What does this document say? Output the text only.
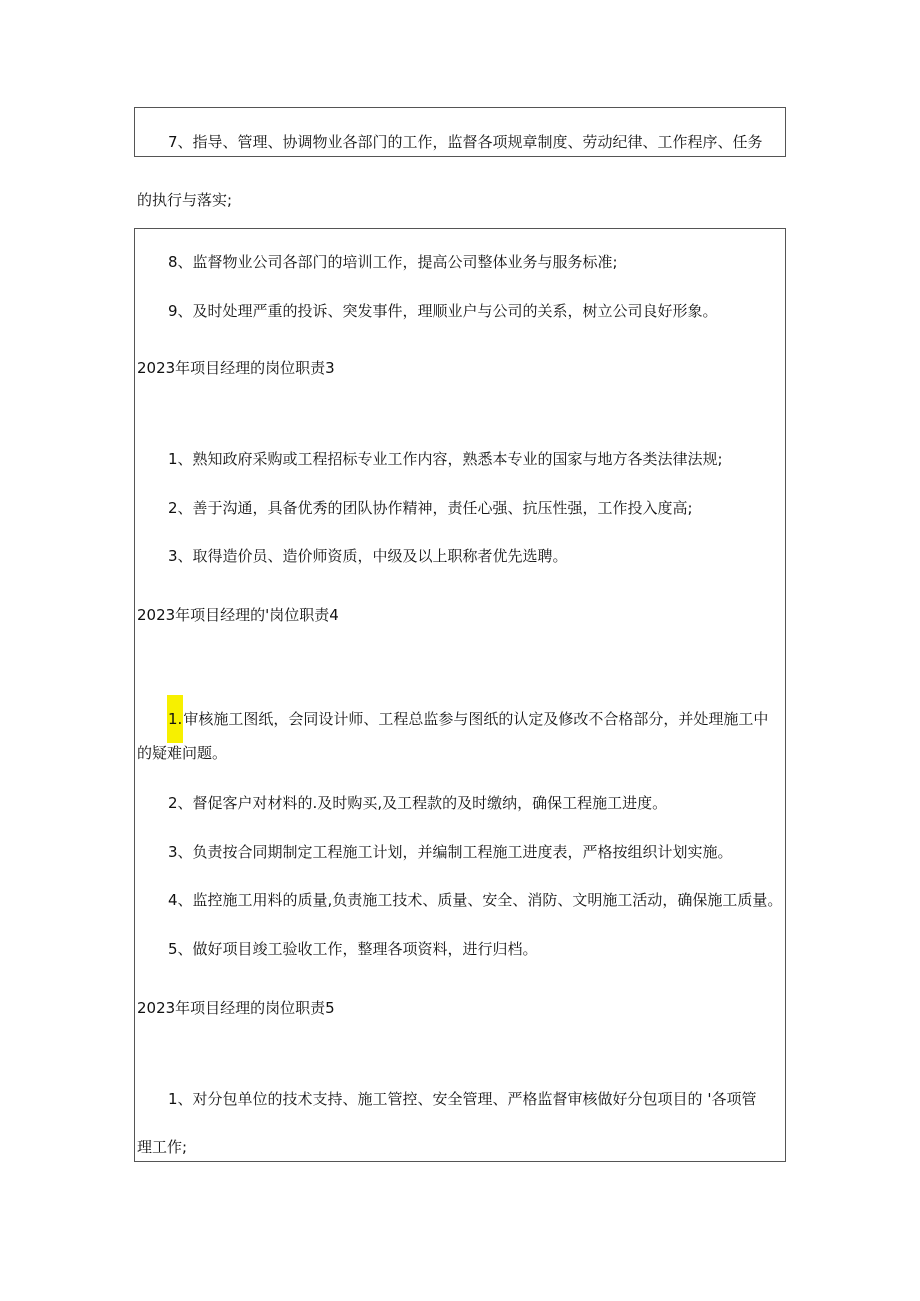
7、指导、管理、协调物业各部门的工作，监督各项规章制度、劳动纪律、工作程序、任务
的执行与落实;
8、监督物业公司各部门的培训工作，提高公司整体业务与服务标准;
9、及时处理严重的投诉、突发事件，理顺业户与公司的关系，树立公司良好形象。
2023年项目经理的岗位职责3
1、熟知政府采购或工程招标专业工作内容，熟悉本专业的国家与地方各类法律法规;
2、善于沟通，具备优秀的团队协作精神，责任心强、抗压性强，工作投入度高;
3、取得造价员、造价师资质，中级及以上职称者优先选聘。
2023年项目经理的'岗位职责4
1.审核施工图纸，会同设计师、工程总监参与图纸的认定及修改不合格部分，并处理施工中
的疑难问题。
2、督促客户对材料的.及时购买,及工程款的及时缴纳，确保工程施工进度。
3、负责按合同期制定工程施工计划，并编制工程施工进度表，严格按组织计划实施。
4、监控施工用料的质量,负责施工技术、质量、安全、消防、文明施工活动，确保施工质量。
5、做好项目竣工验收工作，整理各项资料，进行归档。
2023年项目经理的岗位职责5
1、对分包单位的技术支持、施工管控、安全管理、严格监督审核做好分包项目的 '各项管
理工作;
